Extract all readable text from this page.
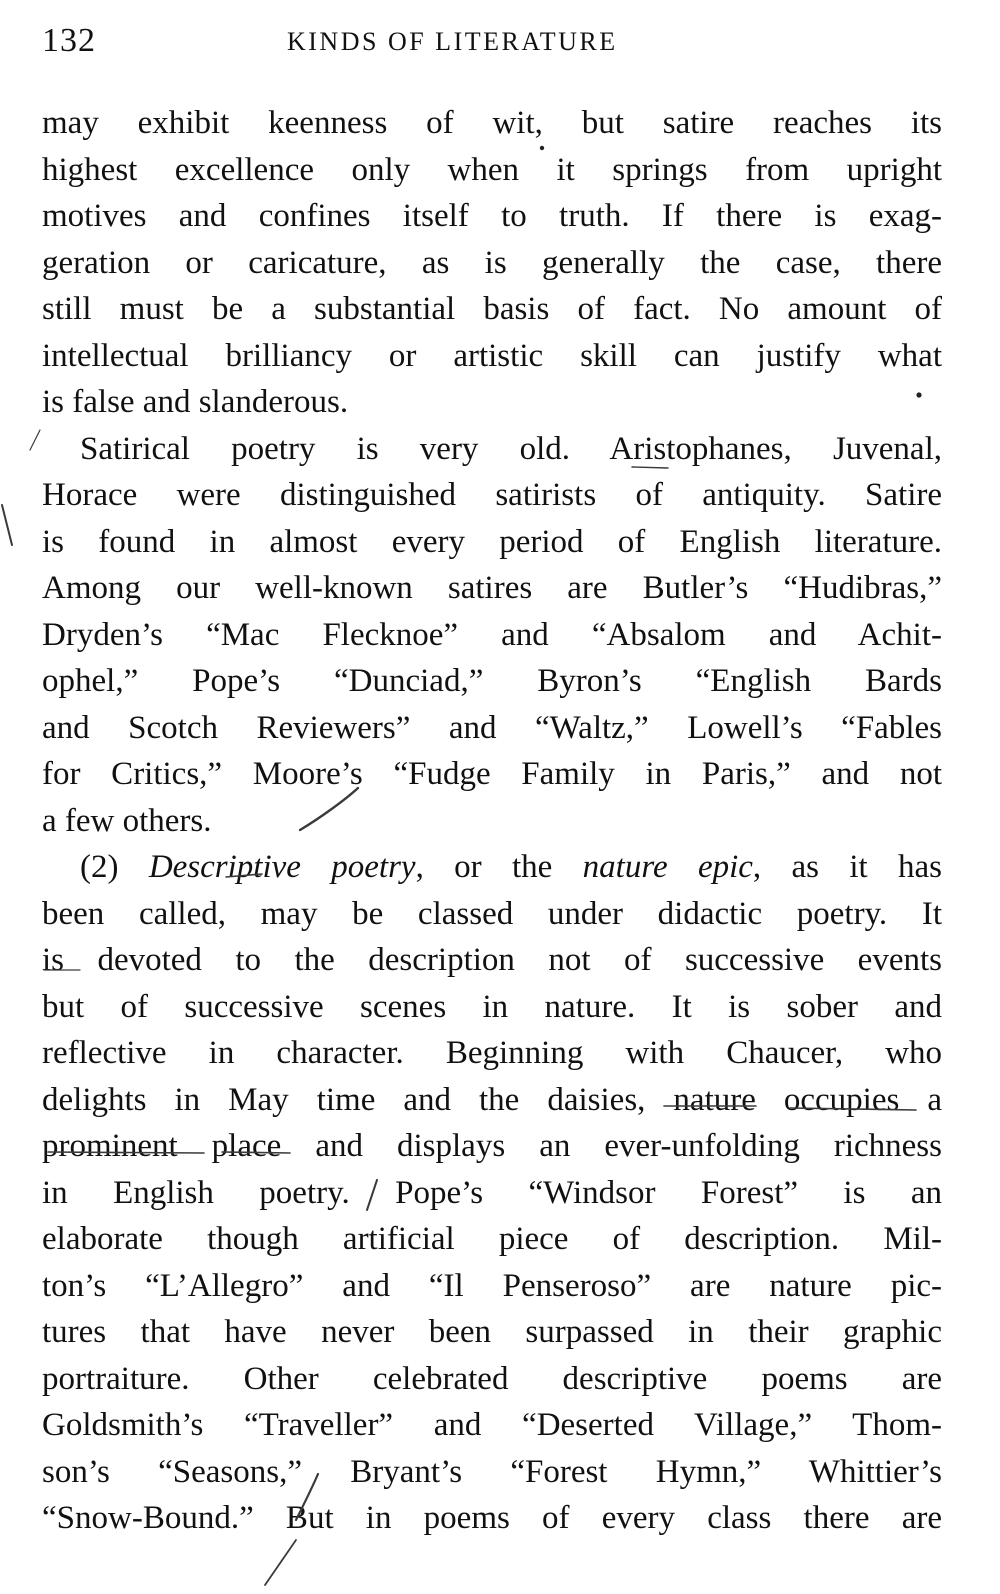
132	KINDS OF LITERATURE
may exhibit keenness of wit, but satire reaches its
highest excellence only when it springs from upright
motives and confines itself to truth. If there is exag-
geration or caricature, as is generally the case, there
still must be a substantial basis of fact. No amount of
intellectual brilliancy or artistic skill can justify what
is false and slanderous.
Satirical poetry is very old. Aristophanes, Juvenal,
Horace were distinguished satirists of antiquity. Satire
is found in almost every period of English literature.
Among our well-known satires are Butler’s “Hudibras,”
Dryden’s “Mac Flecknoe” and “Absalom and Achit-
ophel,” Pope’s “Dunciad,” Byron’s “English Bards
and Scotch Reviewers” and “Waltz,” Lowell’s “Fables
for Critics,” Moore’s “Fudge Family in Paris,” and not
a few others.
(2) Descriptive poetry, or the nature epic, as it has
been called, may be classed under didactic poetry. It
is devoted to the description not of successive events
but of successive scenes in nature. It is sober and
reflective in character. Beginning with Chaucer, who
delights in May time and the daisies, nature occupies a
prominent place and displays an ever-unfolding richness
in English poetry. Pope’s “Windsor Forest” is an
elaborate though artificial piece of description. Mil-
ton’s “L’Allegro” and “Il Penseroso” are nature pic-
tures that have never been surpassed in their graphic
portraiture. Other celebrated descriptive poems are
Goldsmith’s “Traveller” and “Deserted Village,” Thom-
son’s “Seasons,” Bryant’s “Forest Hymn,” Whittier’s
“Snow-Bound.” But in poems of every class there are
